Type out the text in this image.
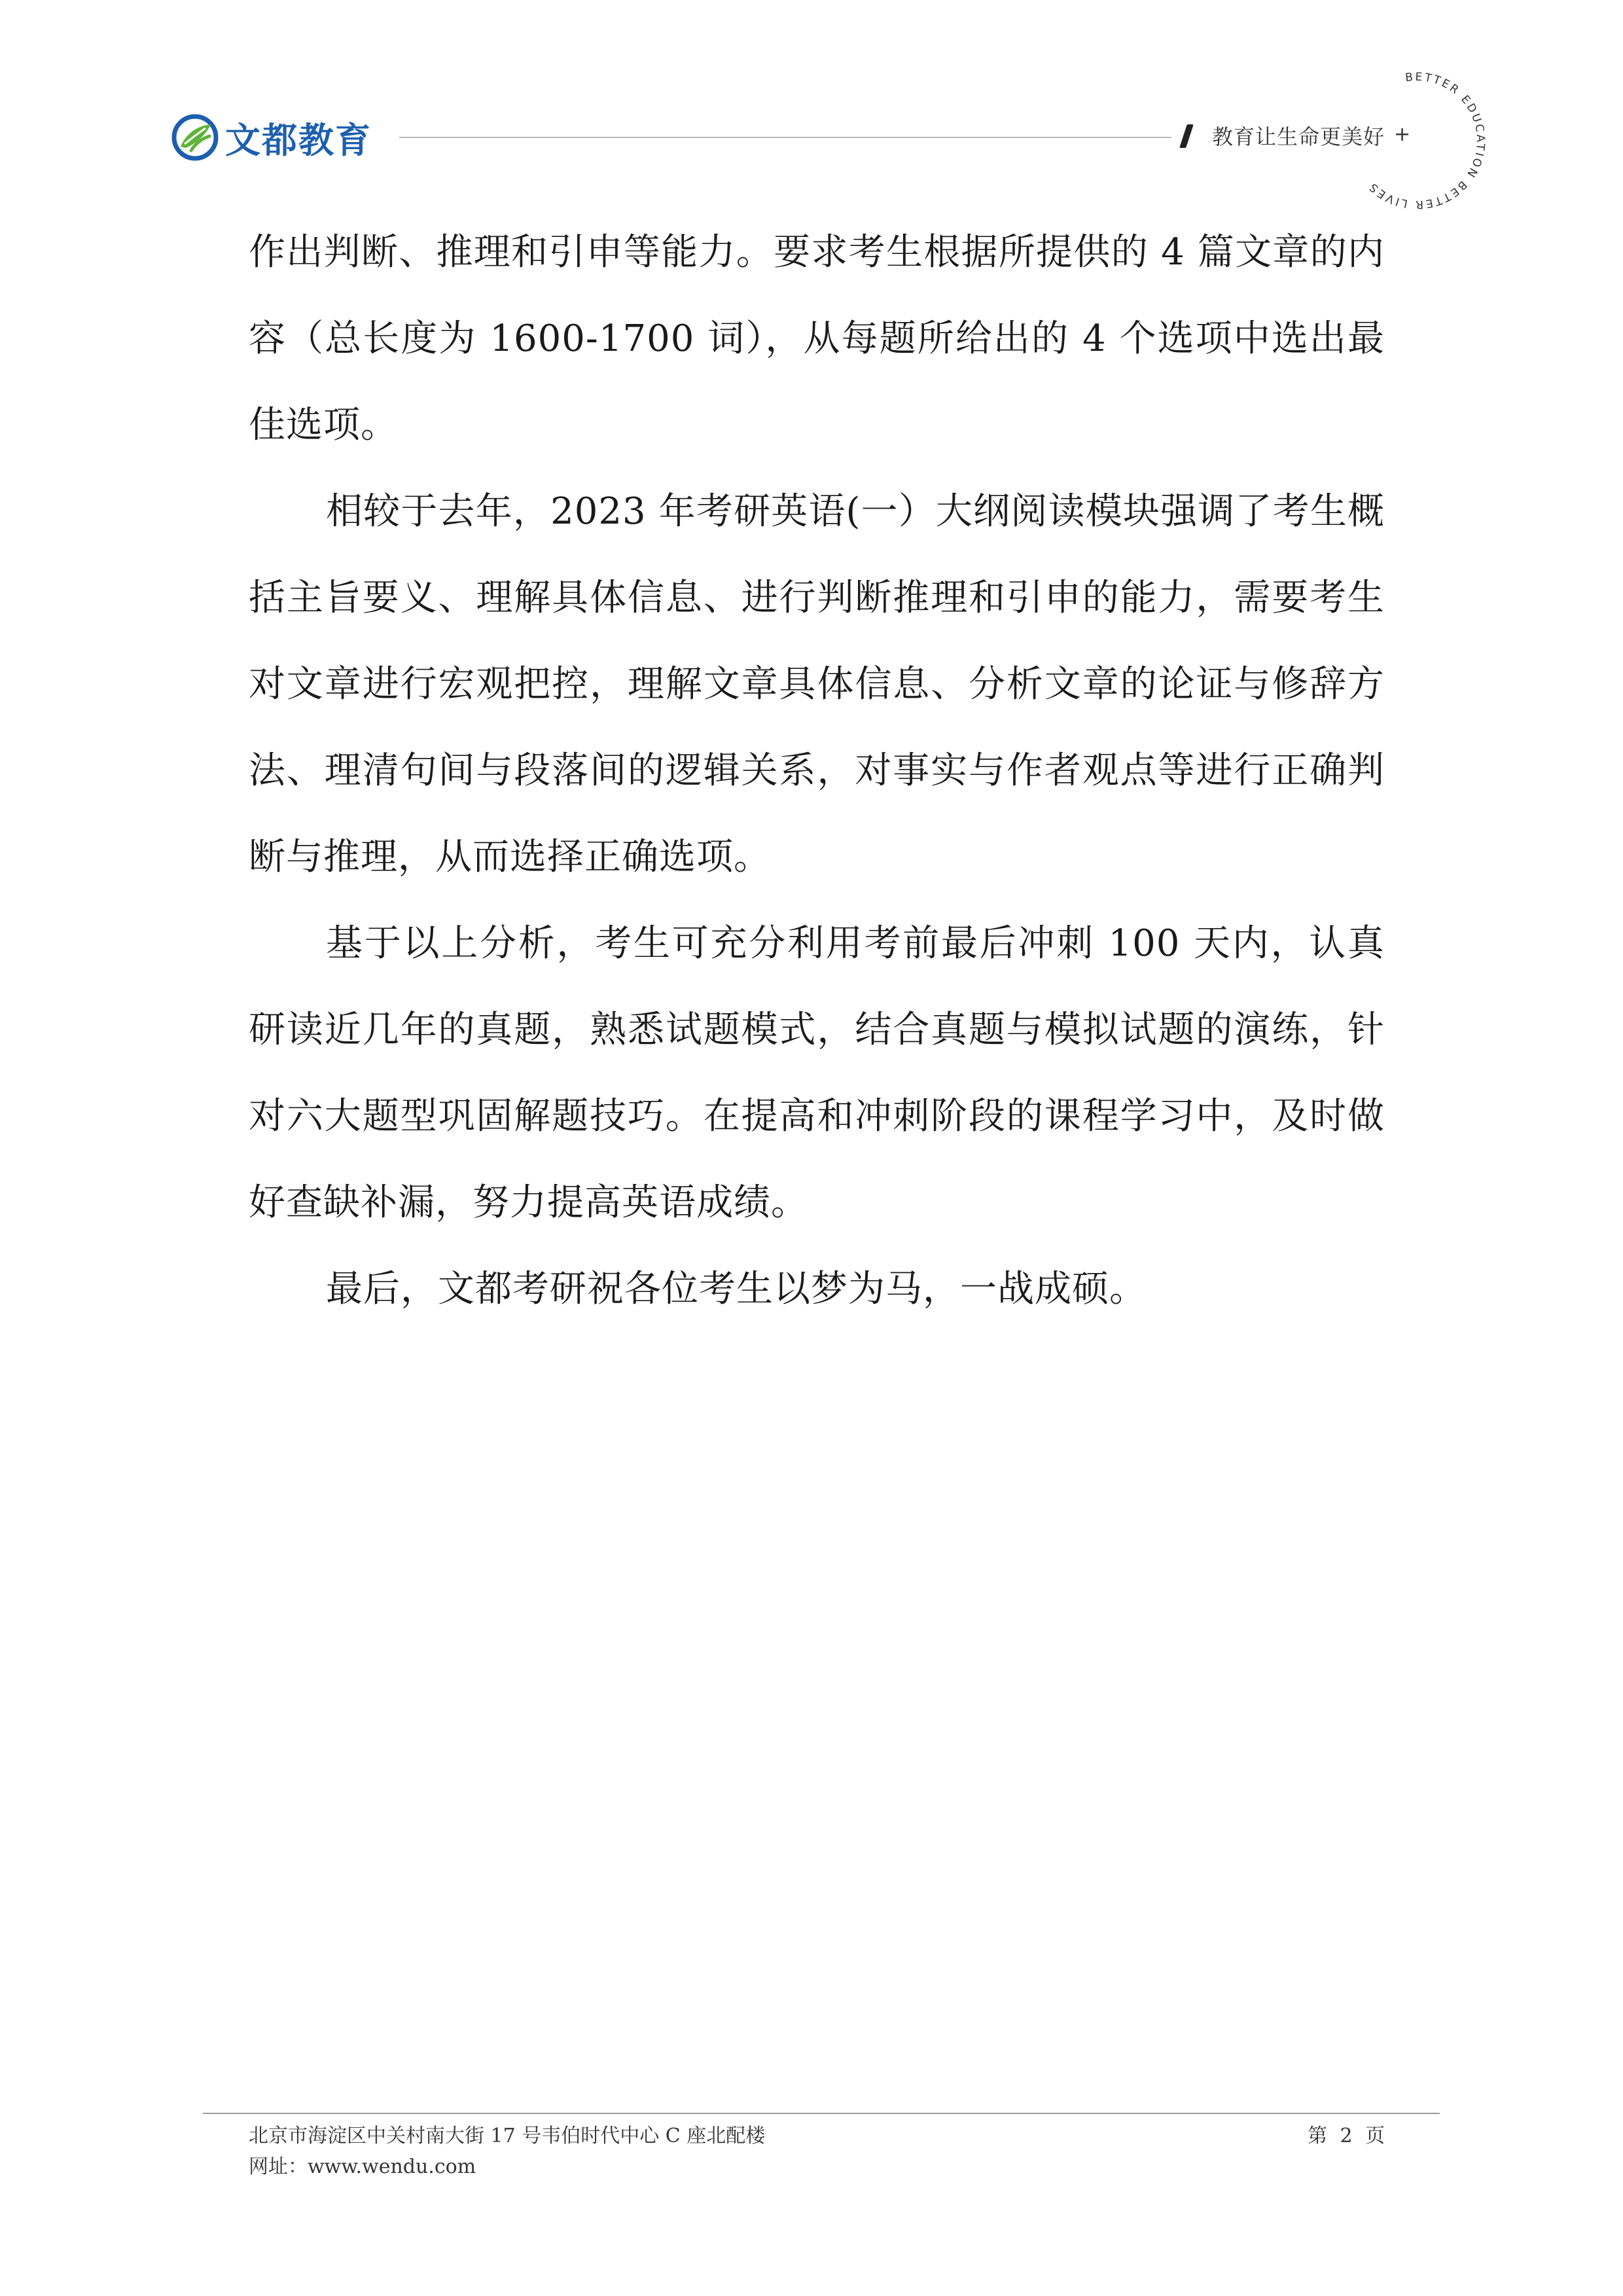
文都教育	教育让生命更美好 +
BETTER EDUCATION BETTER LIVES

作出判断、推理和引申等能力。要求考生根据所提供的 4 篇文章的内容（总长度为 1600-1700 词），从每题所给出的 4 个选项中选出最佳选项。

相较于去年，2023 年考研英语(一）大纲阅读模块强调了考生概括主旨要义、理解具体信息、进行判断推理和引申的能力，需要考生对文章进行宏观把控，理解文章具体信息、分析文章的论证与修辞方法、理清句间与段落间的逻辑关系，对事实与作者观点等进行正确判断与推理，从而选择正确选项。

基于以上分析，考生可充分利用考前最后冲刺 100 天内，认真研读近几年的真题，熟悉试题模式，结合真题与模拟试题的演练，针对六大题型巩固解题技巧。在提高和冲刺阶段的课程学习中，及时做好查缺补漏，努力提高英语成绩。

最后，文都考研祝各位考生以梦为马，一战成硕。

北京市海淀区中关村南大街 17 号韦伯时代中心 C 座北配楼
网址：www.wendu.com
第 2 页
